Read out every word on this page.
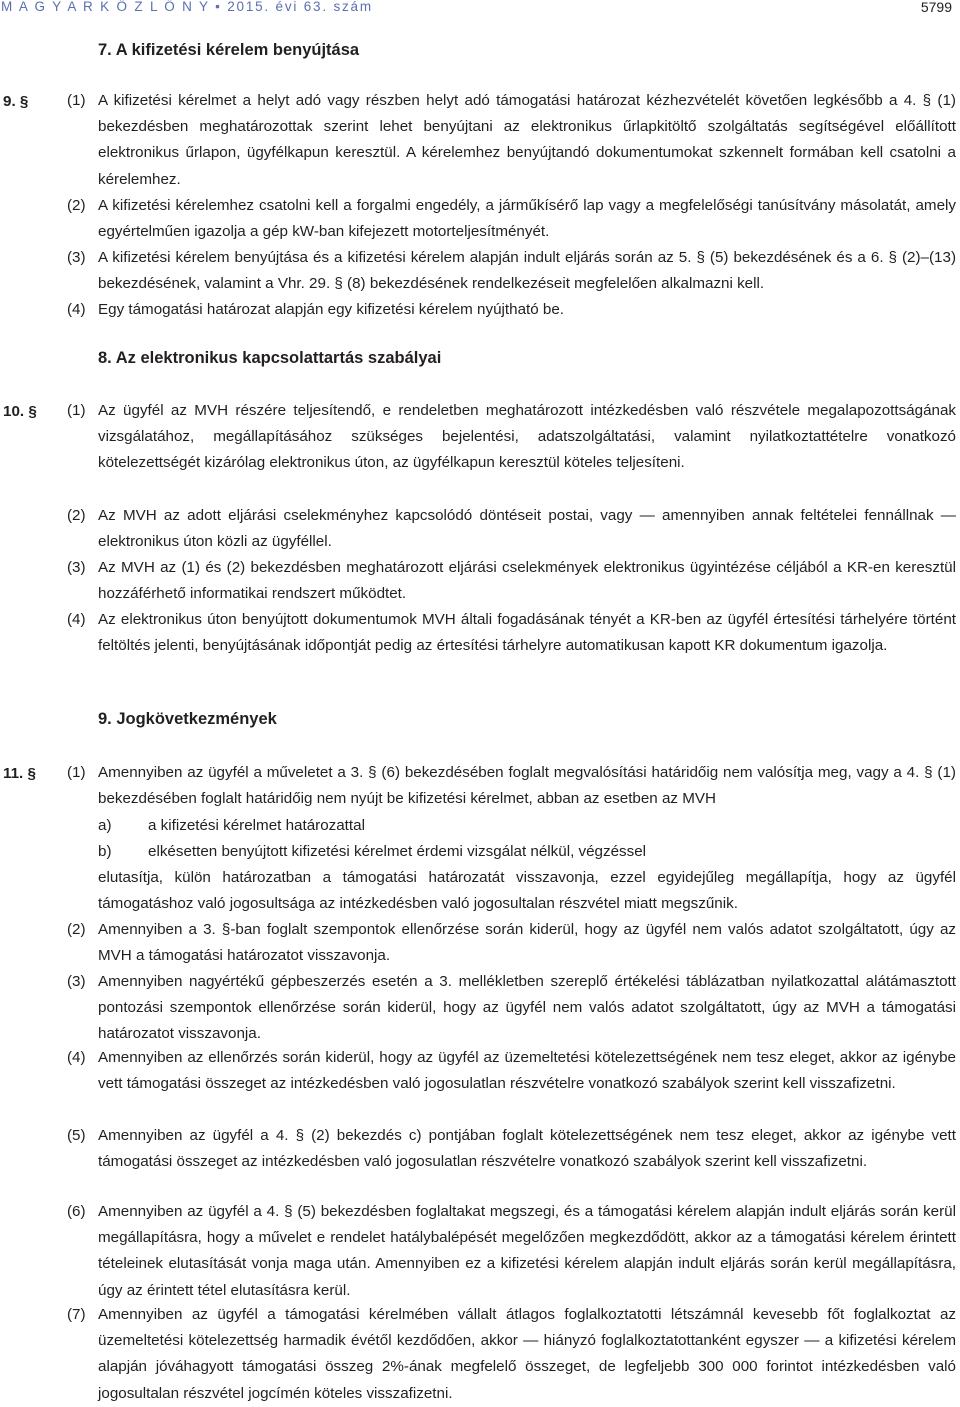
M A G Y A R K Ö Z L Ö N Y • 2015. évi 63. szám	5799
7. A kifizetési kérelem benyújtása
9. §	(1) A kifizetési kérelmet a helyt adó vagy részben helyt adó támogatási határozat kézhezvételét követően legkésőbb a 4. § (1) bekezdésben meghatározottak szerint lehet benyújtani az elektronikus űrlapkitöltő szolgáltatás segítségével előállított elektronikus űrlapon, ügyfélkapun keresztül. A kérelemhez benyújtandó dokumentumokat szkennelt formában kell csatolni a kérelemhez.
(2) A kifizetési kérelemhez csatolni kell a forgalmi engedély, a járműkísérő lap vagy a megfelelőségi tanúsítvány másolatát, amely egyértelműen igazolja a gép kW-ban kifejezett motorteljesítményét.
(3) A kifizetési kérelem benyújtása és a kifizetési kérelem alapján indult eljárás során az 5. § (5) bekezdésének és a 6. § (2)–(13) bekezdésének, valamint a Vhr. 29. § (8) bekezdésének rendelkezéseit megfelelően alkalmazni kell.
(4) Egy támogatási határozat alapján egy kifizetési kérelem nyújtható be.
8. Az elektronikus kapcsolattartás szabályai
10. § (1) Az ügyfél az MVH részére teljesítendő, e rendeletben meghatározott intézkedésben való részvétele megalapozottságának vizsgálatához, megállapításához szükséges bejelentési, adatszolgáltatási, valamint nyilatkoztattételre vonatkozó kötelezettségét kizárólag elektronikus úton, az ügyfélkapun keresztül köteles teljesíteni.
(2) Az MVH az adott eljárási cselekményhez kapcsolódó döntéseit postai, vagy — amennyiben annak feltételei fennállnak — elektronikus úton közli az ügyféllel.
(3) Az MVH az (1) és (2) bekezdésben meghatározott eljárási cselekmények elektronikus ügyintézése céljából a KR-en keresztül hozzáférhető informatikai rendszert működtet.
(4) Az elektronikus úton benyújtott dokumentumok MVH általi fogadásának tényét a KR-ben az ügyfél értesítési tárhelyére történt feltöltés jelenti, benyújtásának időpontját pedig az értesítési tárhelyre automatikusan kapott KR dokumentum igazolja.
9. Jogkövetkezmények
11. § (1) Amennyiben az ügyfél a műveletet a 3. § (6) bekezdésében foglalt megvalósítási határidőig nem valósítja meg, vagy a 4. § (1) bekezdésében foglalt határidőig nem nyújt be kifizetési kérelmet, abban az esetben az MVH
a) a kifizetési kérelmet határozattal
b) elkésetten benyújtott kifizetési kérelmet érdemi vizsgálat nélkül, végzéssel
elutasítja, külön határozatban a támogatási határozatát visszavonja, ezzel egyidejűleg megállapítja, hogy az ügyfél támogatáshoz való jogosultsága az intézkedésben való jogosultalan részvétel miatt megszűnik.
(2) Amennyiben a 3. §-ban foglalt szempontok ellenőrzése során kiderül, hogy az ügyfél nem valós adatot szolgáltatott, úgy az MVH a támogatási határozatot visszavonja.
(3) Amennyiben nagyértékű gépbeszerzés esetén a 3. mellékletben szereplő értékelési táblázatban nyilatkozattal alátámasztott pontozási szempontok ellenőrzése során kiderül, hogy az ügyfél nem valós adatot szolgáltatott, úgy az MVH a támogatási határozatot visszavonja.
(4) Amennyiben az ellenőrzés során kiderül, hogy az ügyfél az üzemeltetési kötelezettségének nem tesz eleget, akkor az igénybe vett támogatási összeget az intézkedésben való jogosulatlan részvételre vonatkozó szabályok szerint kell visszafizetni.
(5) Amennyiben az ügyfél a 4. § (2) bekezdés c) pontjában foglalt kötelezettségének nem tesz eleget, akkor az igénybe vett támogatási összeget az intézkedésben való jogosulatlan részvételre vonatkozó szabályok szerint kell visszafizetni.
(6) Amennyiben az ügyfél a 4. § (5) bekezdésben foglaltakat megszegi, és a támogatási kérelem alapján indult eljárás során kerül megállapításra, hogy a művelet e rendelet hatálybalépését megelőzően megkezdődött, akkor az a támogatási kérelem érintett tételeinek elutasítását vonja maga után. Amennyiben ez a kifizetési kérelem alapján indult eljárás során kerül megállapításra, úgy az érintett tétel elutasításra kerül.
(7) Amennyiben az ügyfél a támogatási kérelmében vállalt átlagos foglalkoztatotti létszámnál kevesebb főt foglalkoztat az üzemeltetési kötelezettség harmadik évétől kezdődően, akkor — hiányzó foglalkoztatottanként egyszer — a kifizetési kérelem alapján jóváhagyott támogatási összeg 2%-ának megfelelő összeget, de legfeljebb 300 000 forintot intézkedésben való jogosultalan részvétel jogcímén köteles visszafizetni.
